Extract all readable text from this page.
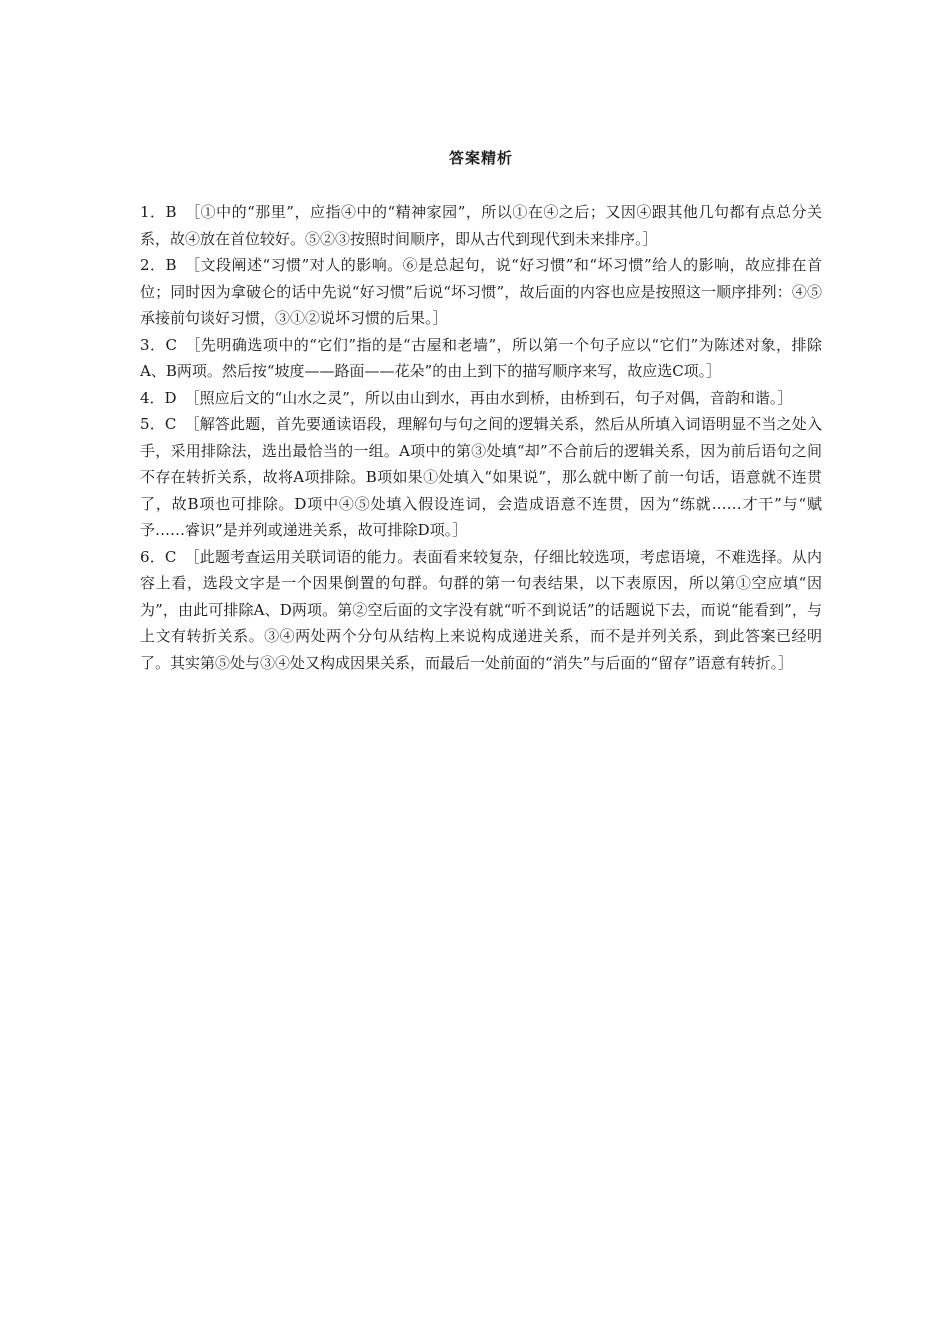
答案精析

1．B ［①中的“那里”，应指④中的“精神家园”，所以①在④之后；又因④跟其他几句都有点总分关系，故④放在首位较好。⑤②③按照时间顺序，即从古代到现代到未来排序。］

2．B ［文段阐述“习惯”对人的影响。⑥是总起句，说“好习惯”和“坏习惯”给人的影响，故应排在首位；同时因为拿破仑的话中先说“好习惯”后说“坏习惯”，故后面的内容也应是按照这一顺序排列：④⑤承接前句谈好习惯，③①②说坏习惯的后果。］

3．C ［先明确选项中的“它们”指的是“古屋和老墙”，所以第一个句子应以“它们”为陈述对象，排除A、B两项。然后按“坡度——路面——花朵”的由上到下的描写顺序来写，故应选C项。］

4．D ［照应后文的“山水之灵”，所以由山到水，再由水到桥，由桥到石，句子对偶，音韵和谐。］

5．C ［解答此题，首先要通读语段，理解句与句之间的逻辑关系，然后从所填入词语明显不当之处入手，采用排除法，选出最恰当的一组。A项中的第③处填“却”不合前后的逻辑关系，因为前后语句之间不存在转折关系，故将A项排除。B项如果①处填入“如果说”，那么就中断了前一句话，语意就不连贯了，故B项也可排除。D项中④⑤处填入假设连词，会造成语意不连贯，因为“练就……才干”与“赋予……睿识”是并列或递进关系，故可排除D项。］

6．C ［此题考查运用关联词语的能力。表面看来较复杂，仔细比较选项，考虑语境，不难选择。从内容上看，选段文字是一个因果倒置的句群。句群的第一句表结果，以下表原因，所以第①空应填“因为”，由此可排除A、D两项。第②空后面的文字没有就“听不到说话”的话题说下去，而说“能看到”，与上文有转折关系。③④两处两个分句从结构上来说构成递进关系，而不是并列关系，到此答案已经明了。其实第⑤处与③④处又构成因果关系，而最后一处前面的“消失”与后面的“留存”语意有转折。］
